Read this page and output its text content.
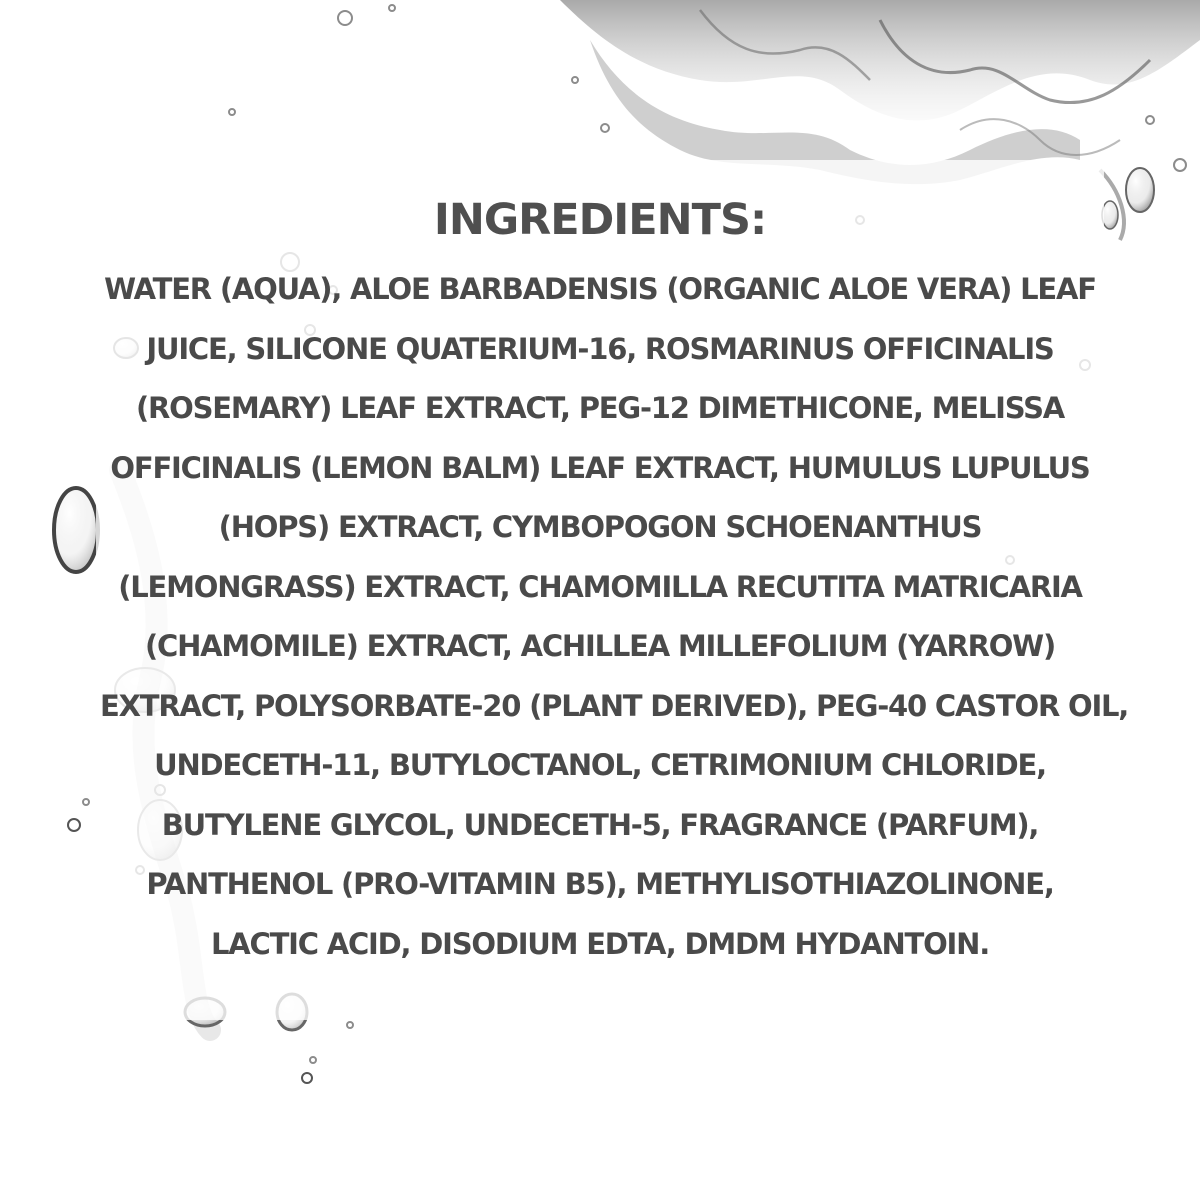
INGREDIENTS:
WATER (AQUA), ALOE BARBADENSIS (ORGANIC ALOE VERA) LEAF
JUICE, SILICONE QUATERIUM-16, ROSMARINUS OFFICINALIS
(ROSEMARY) LEAF EXTRACT, PEG-12 DIMETHICONE, MELISSA
OFFICINALIS (LEMON BALM) LEAF EXTRACT, HUMULUS LUPULUS
(HOPS) EXTRACT, CYMBOPOGON SCHOENANTHUS
(LEMONGRASS) EXTRACT, CHAMOMILLA RECUTITA MATRICARIA
(CHAMOMILE) EXTRACT, ACHILLEA MILLEFOLIUM (YARROW)
EXTRACT, POLYSORBATE-20 (PLANT DERIVED), PEG-40 CASTOR OIL,
UNDECETH-11, BUTYLOCTANOL, CETRIMONIUM CHLORIDE,
BUTYLENE GLYCOL, UNDECETH-5, FRAGRANCE (PARFUM),
PANTHENOL (PRO-VITAMIN B5), METHYLISOTHIAZOLINONE,
LACTIC ACID, DISODIUM EDTA, DMDM HYDANTOIN.
